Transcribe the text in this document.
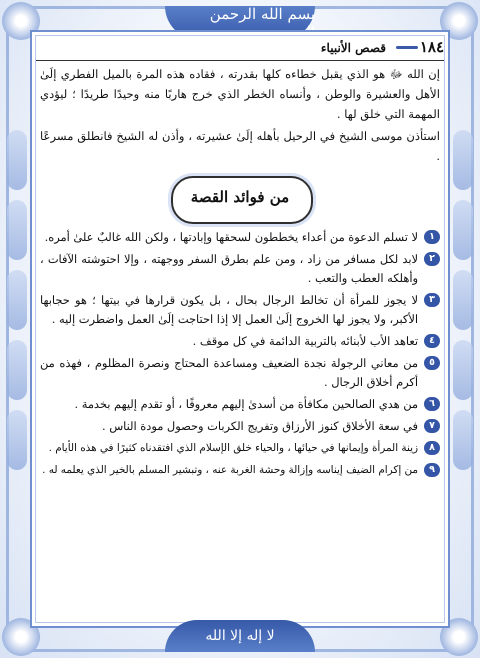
بسم الله الرحمن
١٨٤
قصص الأنبياء

إن الله ﷻ هو الذي يقبل خطاءه كلها بقدرته ، فقاده هذه المرة بالميل الفطري إلَىٰ الأهل والعشيرة والوطن ، وأنساه الخطر الذي خرج هاربًا منه وحيدًا طريدًا ؛ ليؤدي المهمة التي خلق لها .

استأذن موسى الشيخ في الرحيل بأهله إلَىٰ عشيرته ، وأذن له الشيخ فانطلق مسرعًا .

من فوائد القصة
١
لا تسلم الدعوة من أعداء يخططون لسحقها وإبادتها ، ولكن الله غالبٌ علىٰ أمره.
٢
لابد لكل مسافر من زاد ، ومن علم بطرق السفر ووجهته ، وإلا احتوشته الآفات ، وأهلكه العطب والتعب .
٣
لا يجوز للمرأة أن تخالط الرجال بحال ، بل يكون قرارها في بيتها ؛ هو حجابها الأكبر، ولا يجوز لها الخروج إلَىٰ العمل إلا إذا احتاجت إلَىٰ العمل واضطرت إليه .
٤
تعاهد الأب لأبنائه بالتربية الدائمة في كل موقف .
٥
من معاني الرجولة نجدة الضعيف ومساعدة المحتاج ونصرة المظلوم ، فهذه من أكرم أخلاق الرجال .
٦
من هدي الصالحين مكافأة من أسدىٰ إليهم معروفًا ، أو تقدم إليهم بخدمة .
٧
في سعة الأخلاق كنوز الأرزاق وتفريج الكربات وحصول مودة الناس .
٨
زينة المرأة وإيمانها في حيائها ، والحياء خلق الإسلام الذي افتقدناه كثيرًا في هذه الأيام .
٩
من إكرام الضيف إيناسه وإزالة وحشة الغربة عنه ، وتبشير المسلم بالخير الذي يعلمه له .
لا إله إلا الله
